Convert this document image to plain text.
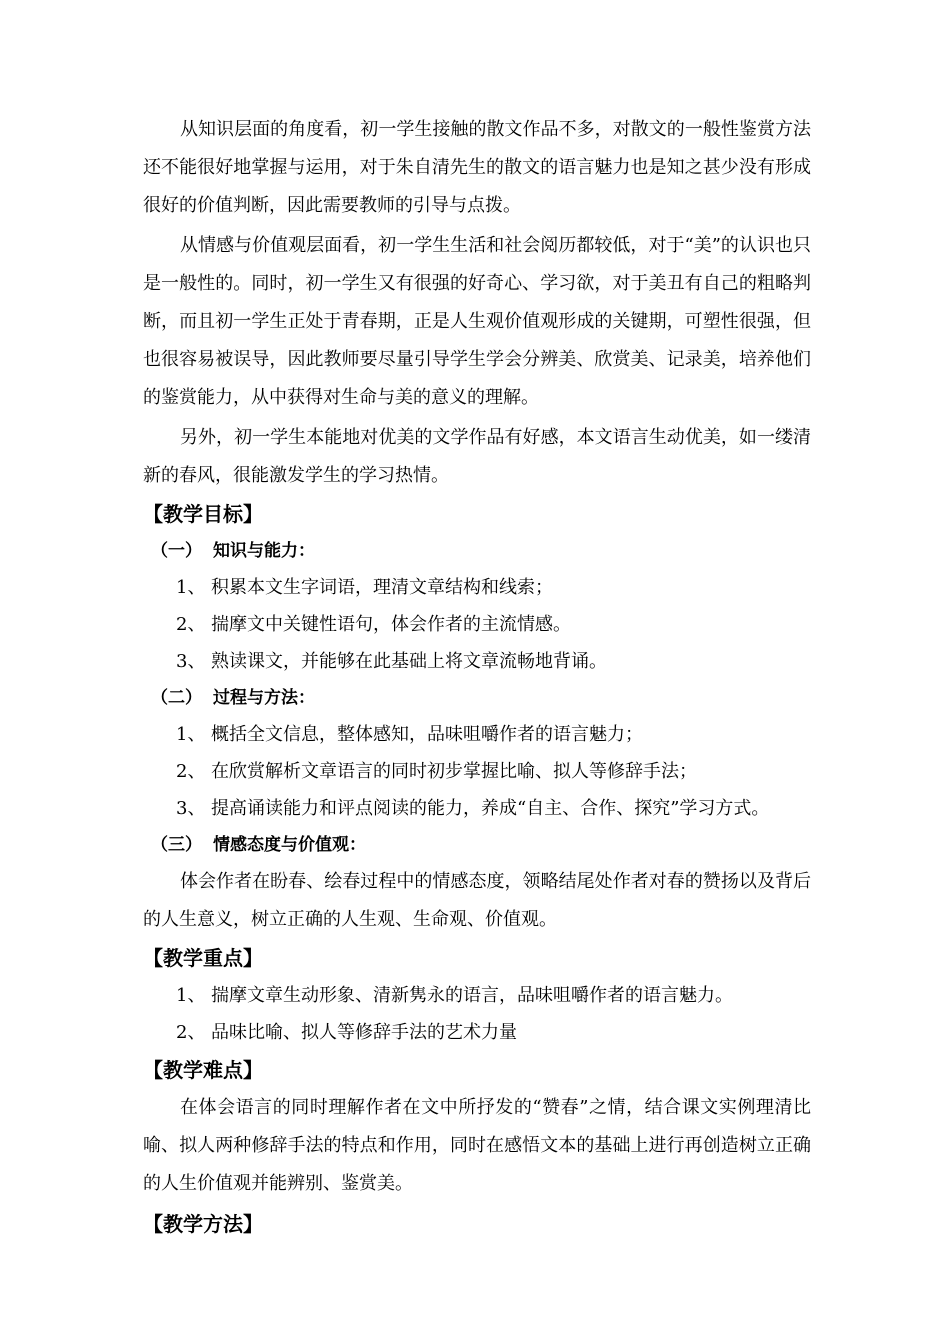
从知识层面的角度看，初一学生接触的散文作品不多，对散文的一般性鉴赏方法还不能很好地掌握与运用，对于朱自清先生的散文的语言魅力也是知之甚少没有形成很好的价值判断，因此需要教师的引导与点拨。

从情感与价值观层面看，初一学生生活和社会阅历都较低，对于“美”的认识也只是一般性的。同时，初一学生又有很强的好奇心、学习欲，对于美丑有自己的粗略判断，而且初一学生正处于青春期，正是人生观价值观形成的关键期，可塑性很强，但也很容易被误导，因此教师要尽量引导学生学会分辨美、欣赏美、记录美，培养他们的鉴赏能力，从中获得对生命与美的意义的理解。

另外，初一学生本能地对优美的文学作品有好感，本文语言生动优美，如一缕清新的春风，很能激发学生的学习热情。

【教学目标】
（一） 知识与能力：

1、 积累本文生字词语，理清文章结构和线索；

2、 揣摩文中关键性语句，体会作者的主流情感。

3、 熟读课文，并能够在此基础上将文章流畅地背诵。

（二） 过程与方法：

1、 概括全文信息，整体感知，品味咀嚼作者的语言魅力；

2、 在欣赏解析文章语言的同时初步掌握比喻、拟人等修辞手法；

3、 提高诵读能力和评点阅读的能力，养成“自主、合作、探究”学习方式。

（三） 情感态度与价值观：

体会作者在盼春、绘春过程中的情感态度，领略结尾处作者对春的赞扬以及背后的人生意义，树立正确的人生观、生命观、价值观。

【教学重点】

1、 揣摩文章生动形象、清新隽永的语言，品味咀嚼作者的语言魅力。

2、 品味比喻、拟人等修辞手法的艺术力量

【教学难点】

在体会语言的同时理解作者在文中所抒发的“赞春”之情，结合课文实例理清比喻、拟人两种修辞手法的特点和作用，同时在感悟文本的基础上进行再创造树立正确的人生价值观并能辨别、鉴赏美。

【教学方法】
